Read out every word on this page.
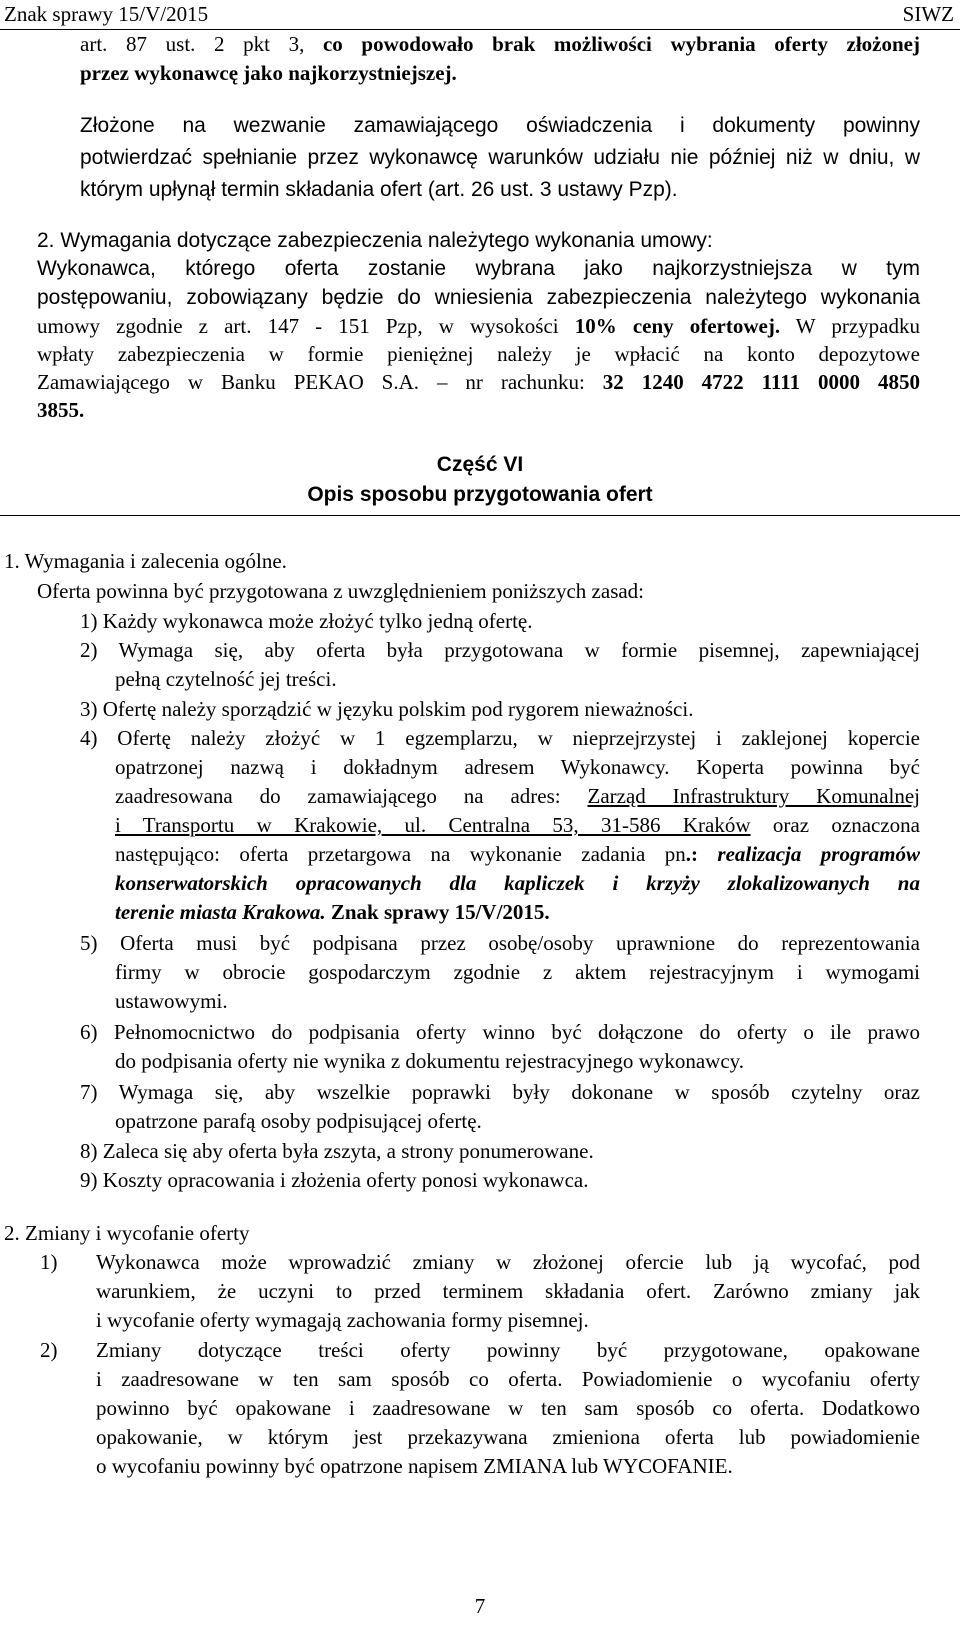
Znak sprawy 15/V/2015	SIWZ
art. 87 ust. 2 pkt 3, co powodowało brak możliwości wybrania oferty złożonej
przez wykonawcę jako najkorzystniejszej.
Złożone na wezwanie zamawiającego oświadczenia i dokumenty powinny
potwierdzać spełnianie przez wykonawcę warunków udziału nie później niż w dniu, w
którym upłynął termin składania ofert (art. 26 ust. 3 ustawy Pzp).
2. Wymagania dotyczące zabezpieczenia należytego wykonania umowy:
Wykonawca, którego oferta zostanie wybrana jako najkorzystniejsza w tym
postępowaniu, zobowiązany będzie do wniesienia zabezpieczenia należytego wykonania
umowy zgodnie z art. 147 - 151 Pzp, w wysokości 10% ceny ofertowej. W przypadku
wpłaty zabezpieczenia w formie pieniężnej należy je wpłacić na konto depozytowe
Zamawiającego w Banku PEKAO S.A. – nr rachunku: 32 1240 4722 1111 0000 4850
3855.
Część VI
Opis sposobu przygotowania ofert
1. Wymagania i zalecenia ogólne.
Oferta powinna być przygotowana z uwzględnieniem poniższych zasad:
1) Każdy wykonawca może złożyć tylko jedną ofertę.
2) Wymaga się, aby oferta była przygotowana w formie pisemnej, zapewniającej
pełną czytelność jej treści.
3) Ofertę należy sporządzić w języku polskim pod rygorem nieważności.
4) Ofertę należy złożyć w 1 egzemplarzu, w nieprzejrzystej i zaklejonej kopercie
opatrzonej nazwą i dokładnym adresem Wykonawcy. Koperta powinna być
zaadresowana do zamawiającego na adres: Zarząd Infrastruktury Komunalnej
i Transportu w Krakowie, ul. Centralna 53, 31-586 Kraków oraz oznaczona
następująco: oferta przetargowa na wykonanie zadania pn.: realizacja programów
konserwatorskich opracowanych dla kapliczek i krzyży zlokalizowanych na
terenie miasta Krakowa. Znak sprawy 15/V/2015.
5) Oferta musi być podpisana przez osobę/osoby uprawnione do reprezentowania
firmy w obrocie gospodarczym zgodnie z aktem rejestracyjnym i wymogami
ustawowymi.
6) Pełnomocnictwo do podpisania oferty winno być dołączone do oferty o ile prawo
do podpisania oferty nie wynika z dokumentu rejestracyjnego wykonawcy.
7) Wymaga się, aby wszelkie poprawki były dokonane w sposób czytelny oraz
opatrzone parafą osoby podpisującej ofertę.
8) Zaleca się aby oferta była zszyta, a strony ponumerowane.
9) Koszty opracowania i złożenia oferty ponosi wykonawca.
2. Zmiany i wycofanie oferty
1) Wykonawca może wprowadzić zmiany w złożonej ofercie lub ją wycofać, pod
warunkiem, że uczyni to przed terminem składania ofert. Zarówno zmiany jak
i wycofanie oferty wymagają zachowania formy pisemnej.
2) Zmiany dotyczące treści oferty powinny być przygotowane, opakowane
i zaadresowane w ten sam sposób co oferta. Powiadomienie o wycofaniu oferty
powinno być opakowane i zaadresowane w ten sam sposób co oferta. Dodatkowo
opakowanie, w którym jest przekazywana zmieniona oferta lub powiadomienie
o wycofaniu powinny być opatrzone napisem ZMIANA lub WYCOFANIE.
7
